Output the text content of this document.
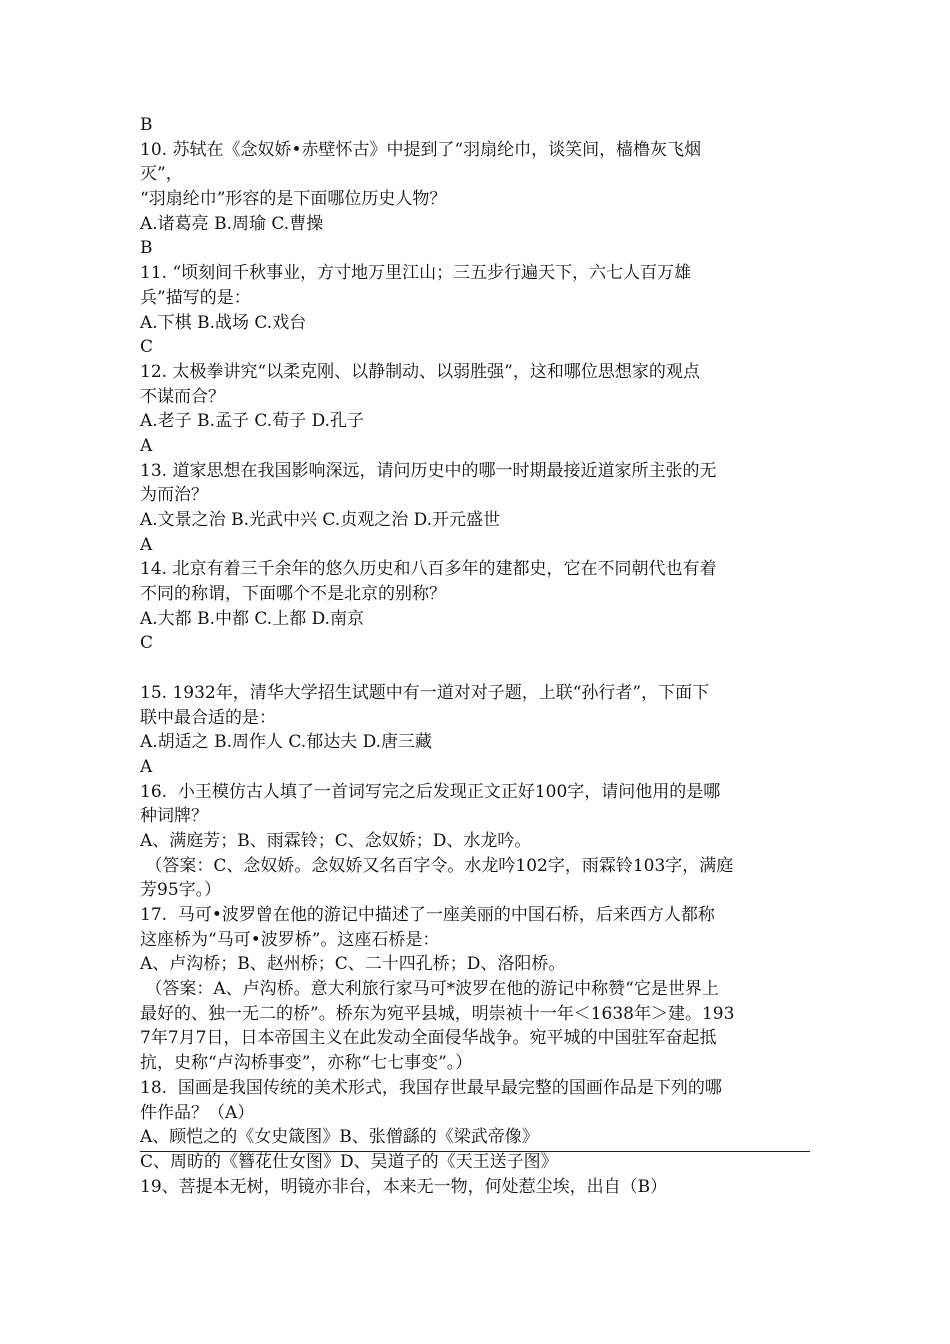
B
10. 苏轼在《念奴娇•赤壁怀古》中提到了“羽扇纶巾，谈笑间，樯橹灰飞烟
灭”，
“羽扇纶巾”形容的是下面哪位历史人物？
A.诸葛亮 B.周瑜 C.曹操
B
11. “顷刻间千秋事业，方寸地万里江山；三五步行遍天下，六七人百万雄
兵”描写的是：
A.下棋 B.战场 C.戏台
C
12. 太极拳讲究“以柔克刚、以静制动、以弱胜强”，这和哪位思想家的观点
不谋而合？
A.老子 B.孟子 C.荀子 D.孔子
A
13. 道家思想在我国影响深远，请问历史中的哪一时期最接近道家所主张的无
为而治？
A.文景之治 B.光武中兴 C.贞观之治 D.开元盛世
A
14. 北京有着三千余年的悠久历史和八百多年的建都史，它在不同朝代也有着
不同的称谓，下面哪个不是北京的别称？
A.大都 B.中都 C.上都 D.南京
C
15. 1932年，清华大学招生试题中有一道对对子题，上联“孙行者”，下面下
联中最合适的是：
A.胡适之 B.周作人 C.郁达夫 D.唐三藏
A
16.  小王模仿古人填了一首词写完之后发现正文正好100字，请问他用的是哪
种词牌？
A、满庭芳；B、雨霖铃；C、念奴娇；D、水龙吟。
（答案：C、念奴娇。念奴娇又名百字令。水龙吟102字，雨霖铃103字，满庭
芳95字。）
17.  马可•波罗曾在他的游记中描述了一座美丽的中国石桥，后来西方人都称
这座桥为“马可•波罗桥”。这座石桥是：
A、卢沟桥；B、赵州桥；C、二十四孔桥；D、洛阳桥。
（答案：A、卢沟桥。意大利旅行家马可*波罗在他的游记中称赞“它是世界上
最好的、独一无二的桥”。桥东为宛平县城，明崇祯十一年＜1638年＞建。193
7年7月7日，日本帝国主义在此发动全面侵华战争。宛平城的中国驻军奋起抵
抗，史称“卢沟桥事变”，亦称“七七事变”。）
18.  国画是我国传统的美术形式，我国存世最早最完整的国画作品是下列的哪
件作品？（A）
A、顾恺之的《女史箴图》B、张僧繇的《梁武帝像》
C、周昉的《簪花仕女图》D、吴道子的《天王送子图》
19、菩提本无树，明镜亦非台，本来无一物，何处惹尘埃，出自（B）
